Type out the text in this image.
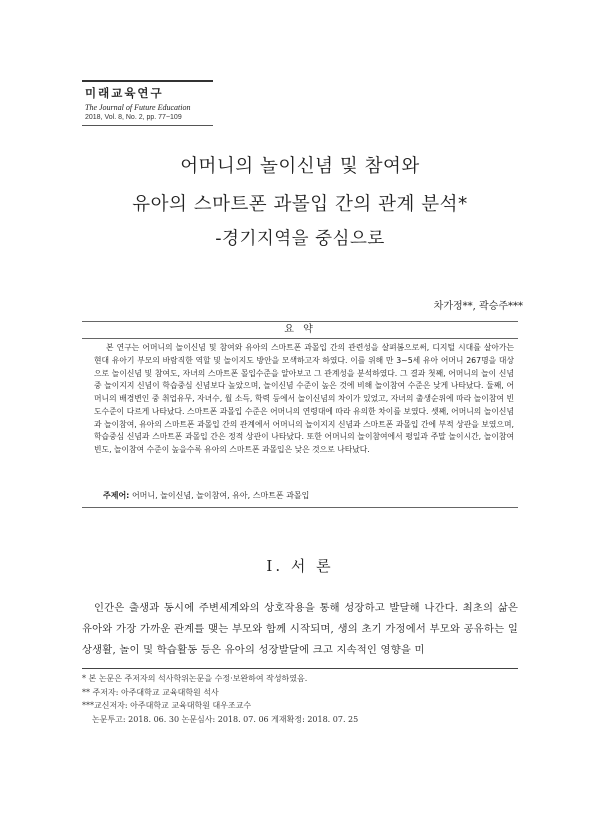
미래교육연구
The Journal of Future Education
2018, Vol. 8, No. 2, pp. 77~109
어머니의 놀이신념 및 참여와
유아의 스마트폰 과몰입 간의 관계 분석*
-경기지역을 중심으로
차가정**, 곽승주***
요 약

본 연구는 어머니의 놀이신념 및 참여와 유아의 스마트폰 과몰입 간의 관련성을 살펴봄으로써, 디지털 시대를 살아가는 현대 유아기 부모의 바람직한 역할 및 놀이지도 방안을 모색하고자 하였다. 이를 위해 만 3~5세 유아 어머니 267명을 대상으로 놀이신념 및 참여도, 자녀의 스마트폰 몰입수준을 알아보고 그 관계성을 분석하였다. 그 결과 첫째, 어머니의 놀이 신념 중 놀이지지 신념이 학습중심 신념보다 높았으며, 놀이신념 수준이 높은 것에 비해 놀이참여 수준은 낮게 나타났다. 둘째, 어머니의 배경변인 중 취업유무, 자녀수, 월 소득, 학력 등에서 놀이신념의 차이가 있었고, 자녀의 출생순위에 따라 놀이참여 빈도수준이 다르게 나타났다. 스마트폰 과몰입 수준은 어머니의 연령대에 따라 유의한 차이를 보였다. 셋째, 어머니의 놀이신념과 놀이참여, 유아의 스마트폰 과몰입 간의 관계에서 어머니의 놀이지지 신념과 스마트폰 과몰입 간에 부적 상관을 보였으며, 학습중심 신념과 스마트폰 과몰입 간은 정적 상관이 나타났다. 또한 어머니의 놀이참여에서 평일과 주말 놀이시간, 놀이참여 빈도, 놀이참여 수준이 높을수록 유아의 스마트폰 과몰입은 낮은 것으로 나타났다.

주제어: 어머니, 놀이신념, 놀이참여, 유아, 스마트폰 과몰입
I. 서 론

인간은 출생과 동시에 주변세계와의 상호작용을 통해 성장하고 발달해 나간다. 최초의 삶은 유아와 가장 가까운 관계를 맺는 부모와 함께 시작되며, 생의 초기 가정에서 부모와 공유하는 일상생활, 놀이 및 학습활동 등은 유아의 성장발달에 크고 지속적인 영향을 미

* 본 논문은 주저자의 석사학위논문을 수정·보완하여 작성하였음.
** 주저자: 아주대학교 교육대학원 석사
***교신저자: 아주대학교 교육대학원 대우조교수
논문투고: 2018. 06. 30 논문심사: 2018. 07. 06 게재확정: 2018. 07. 25
